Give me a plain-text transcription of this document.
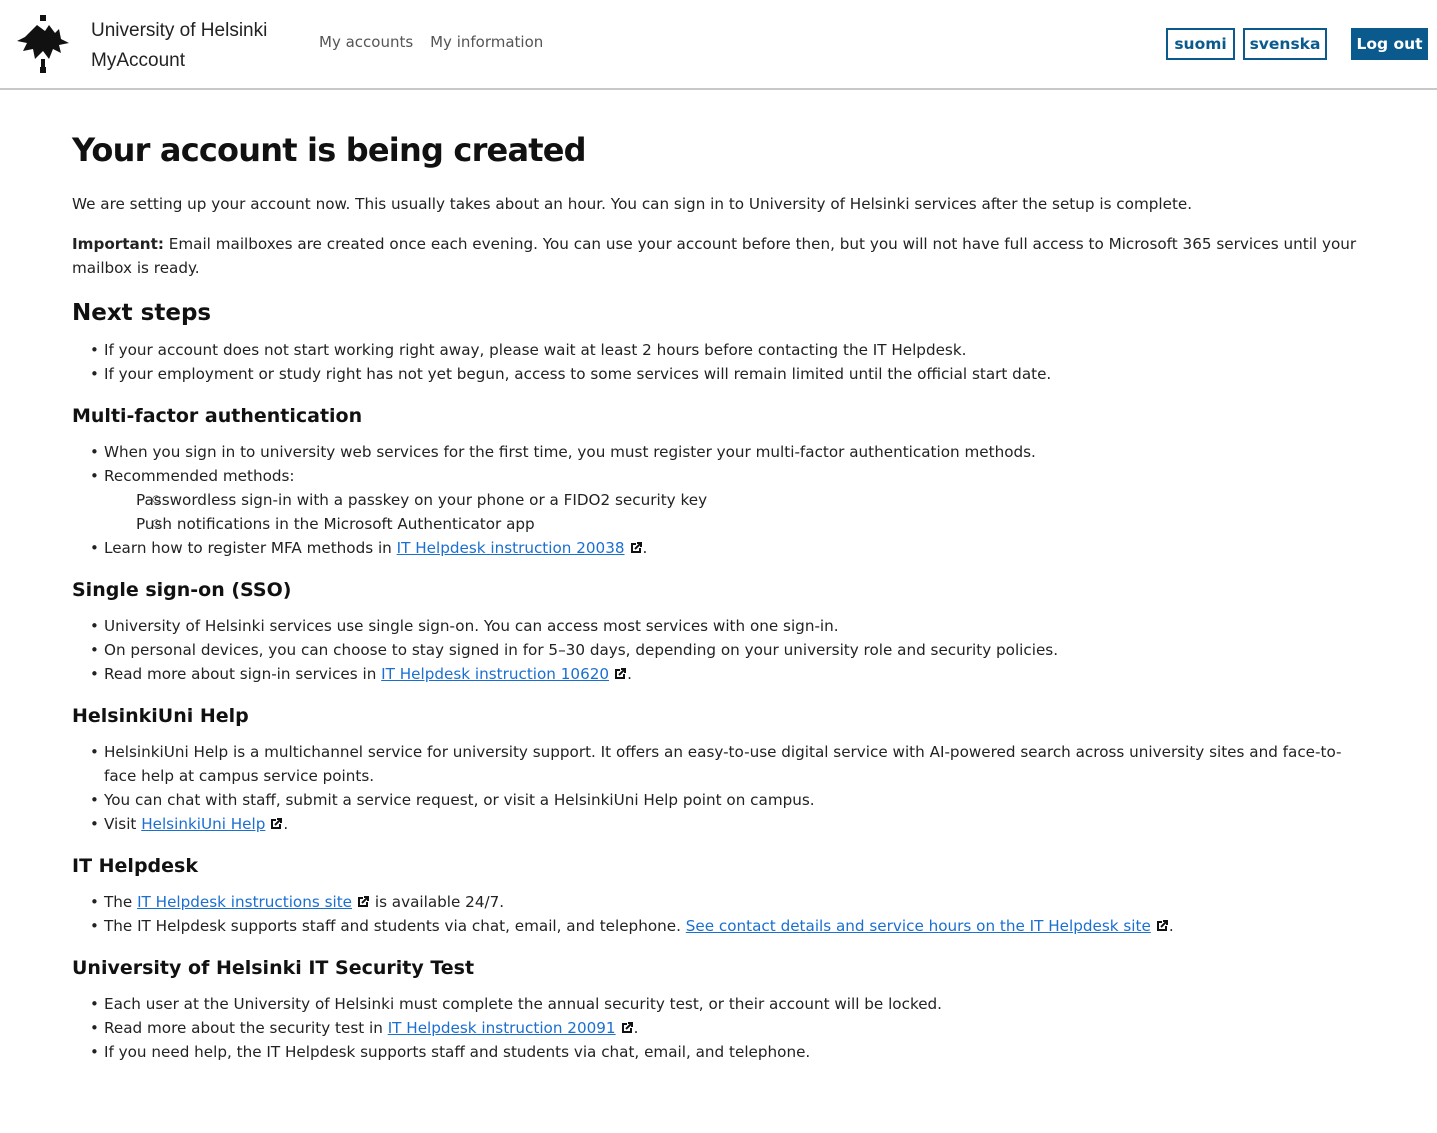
University of Helsinki
MyAccount
My accounts My information	suomi	svenska	Log out
Your account is being created

We are setting up your account now. This usually takes about an hour. You can sign in to University of Helsinki services after the setup is complete.

Important: Email mailboxes are created once each evening. You can use your account before then, but you will not have full access to Microsoft 365 services until your mailbox is ready.

Next steps
• If your account does not start working right away, please wait at least 2 hours before contacting the IT Helpdesk.
• If your employment or study right has not yet begun, access to some services will remain limited until the official start date.
Multi-factor authentication
• When you sign in to university web services for the first time, you must register your multi-factor authentication methods.
• Recommended methods:
○ Passwordless sign-in with a passkey on your phone or a FIDO2 security key
○ Push notifications in the Microsoft Authenticator app
• Learn how to register MFA methods in IT Helpdesk instruction 20038 .
Single sign-on (SSO)
• University of Helsinki services use single sign-on. You can access most services with one sign-in.
• On personal devices, you can choose to stay signed in for 5–30 days, depending on your university role and security policies.
• Read more about sign-in services in IT Helpdesk instruction 10620 .
HelsinkiUni Help
• HelsinkiUni Help is a multichannel service for university support. It offers an easy-to-use digital service with AI-powered search across university sites and face-to-face help at campus service points.
• You can chat with staff, submit a service request, or visit a HelsinkiUni Help point on campus.
• Visit HelsinkiUni Help .
IT Helpdesk
• The IT Helpdesk instructions site is available 24/7.
• The IT Helpdesk supports staff and students via chat, email, and telephone. See contact details and service hours on the IT Helpdesk site .
University of Helsinki IT Security Test
• Each user at the University of Helsinki must complete the annual security test, or their account will be locked.
• Read more about the security test in IT Helpdesk instruction 20091 .
• If you need help, the IT Helpdesk supports staff and students via chat, email, and telephone.
